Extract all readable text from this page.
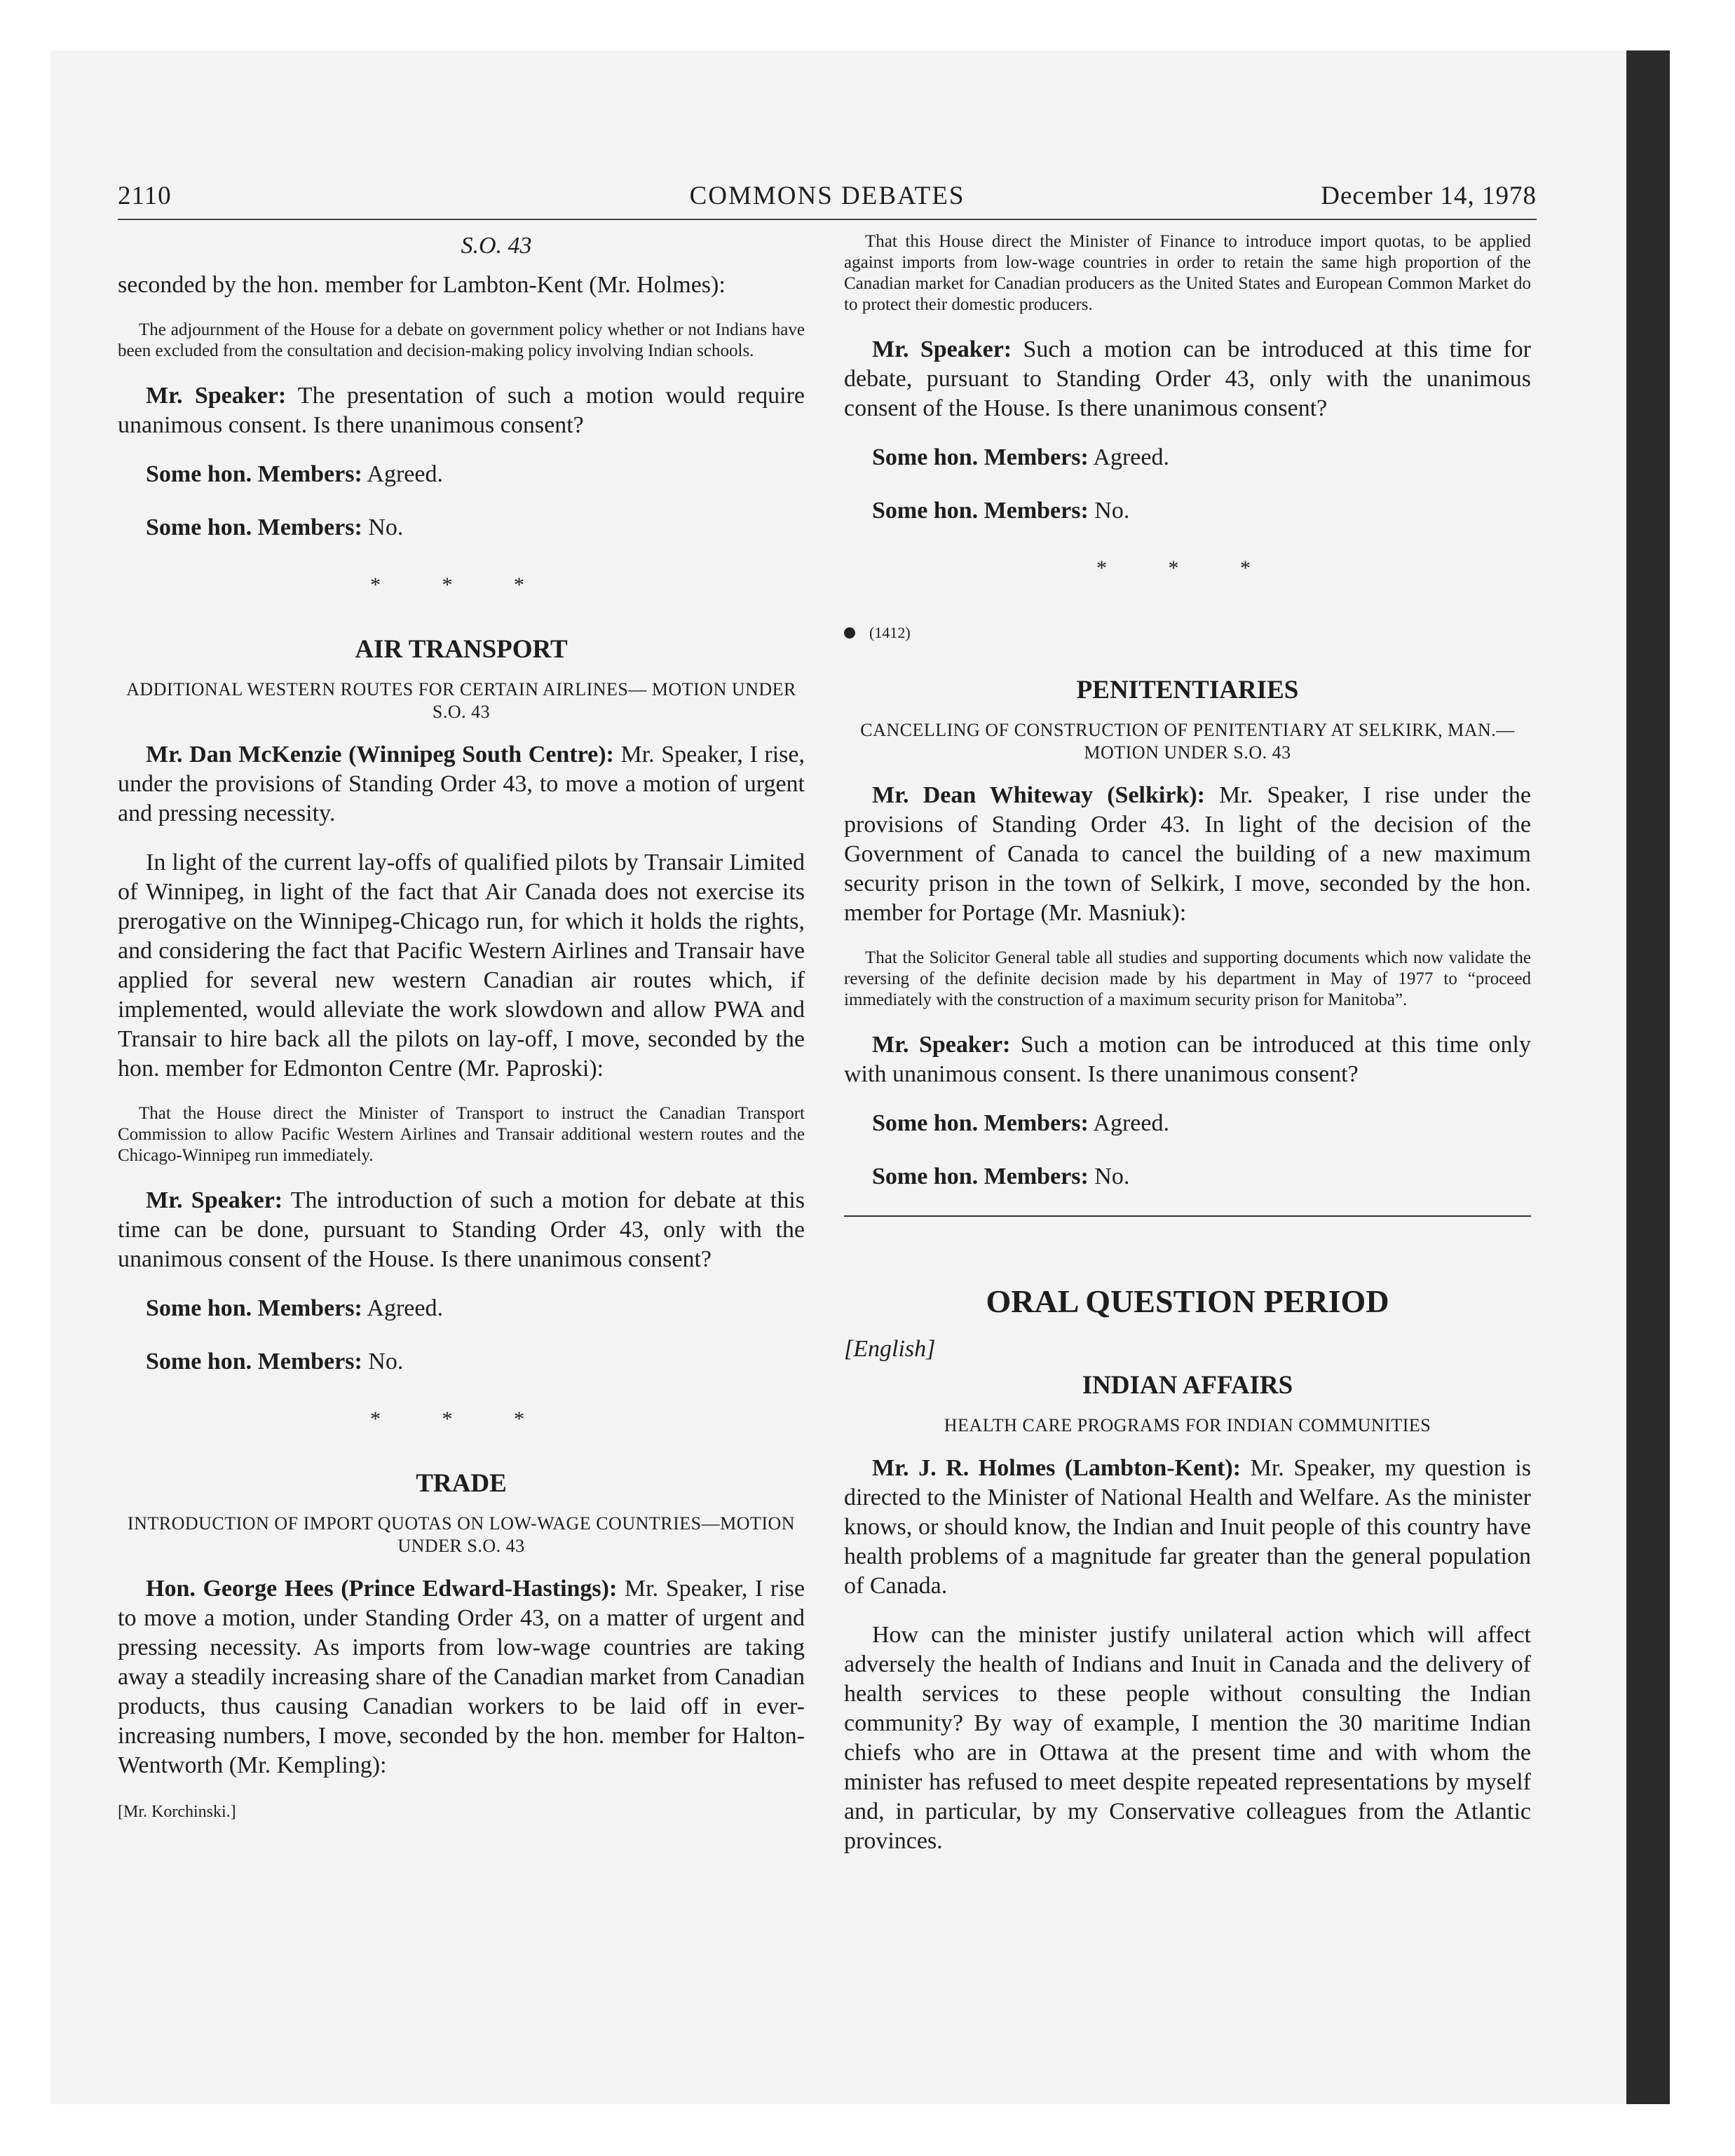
2110	COMMONS DEBATES	December 14, 1978

S.O. 43

seconded by the hon. member for Lambton-Kent (Mr. Holmes):

The adjournment of the House for a debate on government policy whether or not Indians have been excluded from the consultation and decision-making policy involving Indian schools.

Mr. Speaker: The presentation of such a motion would require unanimous consent. Is there unanimous consent?

Some hon. Members: Agreed.

Some hon. Members: No.

* * *

AIR TRANSPORT

ADDITIONAL WESTERN ROUTES FOR CERTAIN AIRLINES— MOTION UNDER S.O. 43

Mr. Dan McKenzie (Winnipeg South Centre): Mr. Speaker, I rise, under the provisions of Standing Order 43, to move a motion of urgent and pressing necessity.

In light of the current lay-offs of qualified pilots by Transair Limited of Winnipeg, in light of the fact that Air Canada does not exercise its prerogative on the Winnipeg-Chicago run, for which it holds the rights, and considering the fact that Pacific Western Airlines and Transair have applied for several new western Canadian air routes which, if implemented, would alleviate the work slowdown and allow PWA and Transair to hire back all the pilots on lay-off, I move, seconded by the hon. member for Edmonton Centre (Mr. Paproski):

That the House direct the Minister of Transport to instruct the Canadian Transport Commission to allow Pacific Western Airlines and Transair additional western routes and the Chicago-Winnipeg run immediately.

Mr. Speaker: The introduction of such a motion for debate at this time can be done, pursuant to Standing Order 43, only with the unanimous consent of the House. Is there unanimous consent?

Some hon. Members: Agreed.

Some hon. Members: No.

* * *

TRADE

INTRODUCTION OF IMPORT QUOTAS ON LOW-WAGE COUNTRIES—MOTION UNDER S.O. 43

Hon. George Hees (Prince Edward-Hastings): Mr. Speaker, I rise to move a motion, under Standing Order 43, on a matter of urgent and pressing necessity. As imports from low-wage countries are taking away a steadily increasing share of the Canadian market from Canadian products, thus causing Canadian workers to be laid off in ever-increasing numbers, I move, seconded by the hon. member for Halton-Wentworth (Mr. Kempling):

[Mr. Korchinski.]

That this House direct the Minister of Finance to introduce import quotas, to be applied against imports from low-wage countries in order to retain the same high proportion of the Canadian market for Canadian producers as the United States and European Common Market do to protect their domestic producers.

Mr. Speaker: Such a motion can be introduced at this time for debate, pursuant to Standing Order 43, only with the unanimous consent of the House. Is there unanimous consent?

Some hon. Members: Agreed.

Some hon. Members: No.

* * *

(1412)

PENITENTIARIES

CANCELLING OF CONSTRUCTION OF PENITENTIARY AT SELKIRK, MAN.—MOTION UNDER S.O. 43

Mr. Dean Whiteway (Selkirk): Mr. Speaker, I rise under the provisions of Standing Order 43. In light of the decision of the Government of Canada to cancel the building of a new maximum security prison in the town of Selkirk, I move, seconded by the hon. member for Portage (Mr. Masniuk):

That the Solicitor General table all studies and supporting documents which now validate the reversing of the definite decision made by his department in May of 1977 to “proceed immediately with the construction of a maximum security prison for Manitoba”.

Mr. Speaker: Such a motion can be introduced at this time only with unanimous consent. Is there unanimous consent?

Some hon. Members: Agreed.

Some hon. Members: No.

ORAL QUESTION PERIOD

[English]

INDIAN AFFAIRS

HEALTH CARE PROGRAMS FOR INDIAN COMMUNITIES

Mr. J. R. Holmes (Lambton-Kent): Mr. Speaker, my question is directed to the Minister of National Health and Welfare. As the minister knows, or should know, the Indian and Inuit people of this country have health problems of a magnitude far greater than the general population of Canada.

How can the minister justify unilateral action which will affect adversely the health of Indians and Inuit in Canada and the delivery of health services to these people without consulting the Indian community? By way of example, I mention the 30 maritime Indian chiefs who are in Ottawa at the present time and with whom the minister has refused to meet despite repeated representations by myself and, in particular, by my Conservative colleagues from the Atlantic provinces.
